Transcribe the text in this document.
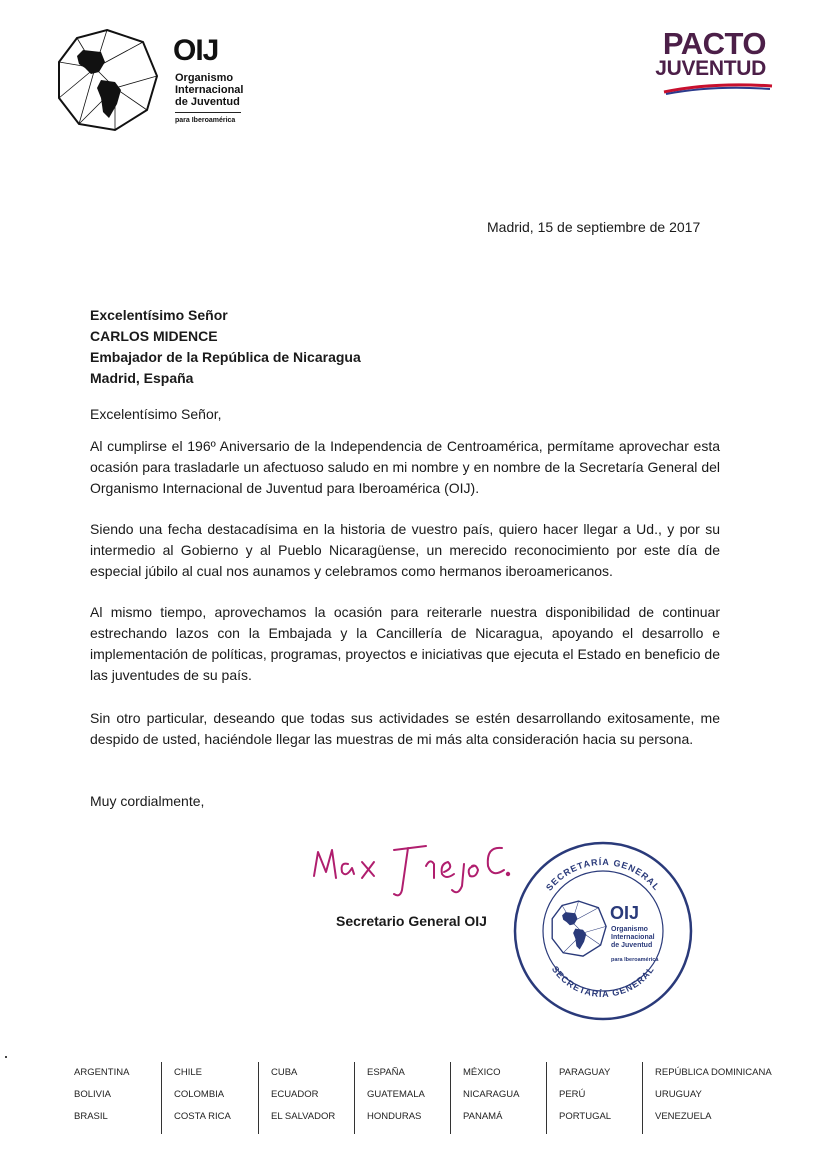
OIJ
Organismo
Internacional
de Juventud
para Iberoamérica
PACTO
JUVENTUD
Madrid, 15 de septiembre de 2017
Excelentísimo Señor
CARLOS MIDENCE
Embajador de la República de Nicaragua
Madrid, España
Excelentísimo Señor,
Al cumplirse el 196º Aniversario de la Independencia de Centroamérica, permítame aprovechar esta ocasión para trasladarle un afectuoso saludo en mi nombre y en nombre de la Secretaría General del Organismo Internacional de Juventud para Iberoamérica (OIJ).
Siendo una fecha destacadísima en la historia de vuestro país, quiero hacer llegar a Ud., y por su intermedio al Gobierno y al Pueblo Nicaragüense, un merecido reconocimiento por este día de especial júbilo al cual nos aunamos y celebramos como hermanos iberoamericanos.
Al mismo tiempo, aprovechamos la ocasión para reiterarle nuestra disponibilidad de continuar estrechando lazos con la Embajada y la Cancillería de Nicaragua, apoyando el desarrollo e implementación de políticas, programas, proyectos e iniciativas que ejecuta el Estado en beneficio de las juventudes de su país.
Sin otro particular, deseando que todas sus actividades se estén desarrollando exitosamente, me despido de usted, haciéndole llegar las muestras de mi más alta consideración hacia su persona.
Muy cordialmente,
Secretario General OIJ
SECRETARÍA GENERAL
SECRETARÍA GENERAL
OIJ
Organismo
Internacional
de Juventud
para Iberoamérica
ARGENTINA
BOLIVIA
BRASIL
CHILE
COLOMBIA
COSTA RICA
CUBA
ECUADOR
EL SALVADOR
ESPAÑA
GUATEMALA
HONDURAS
MÉXICO
NICARAGUA
PANAMÁ
PARAGUAY
PERÚ
PORTUGAL
REPÚBLICA DOMINICANA
URUGUAY
VENEZUELA
